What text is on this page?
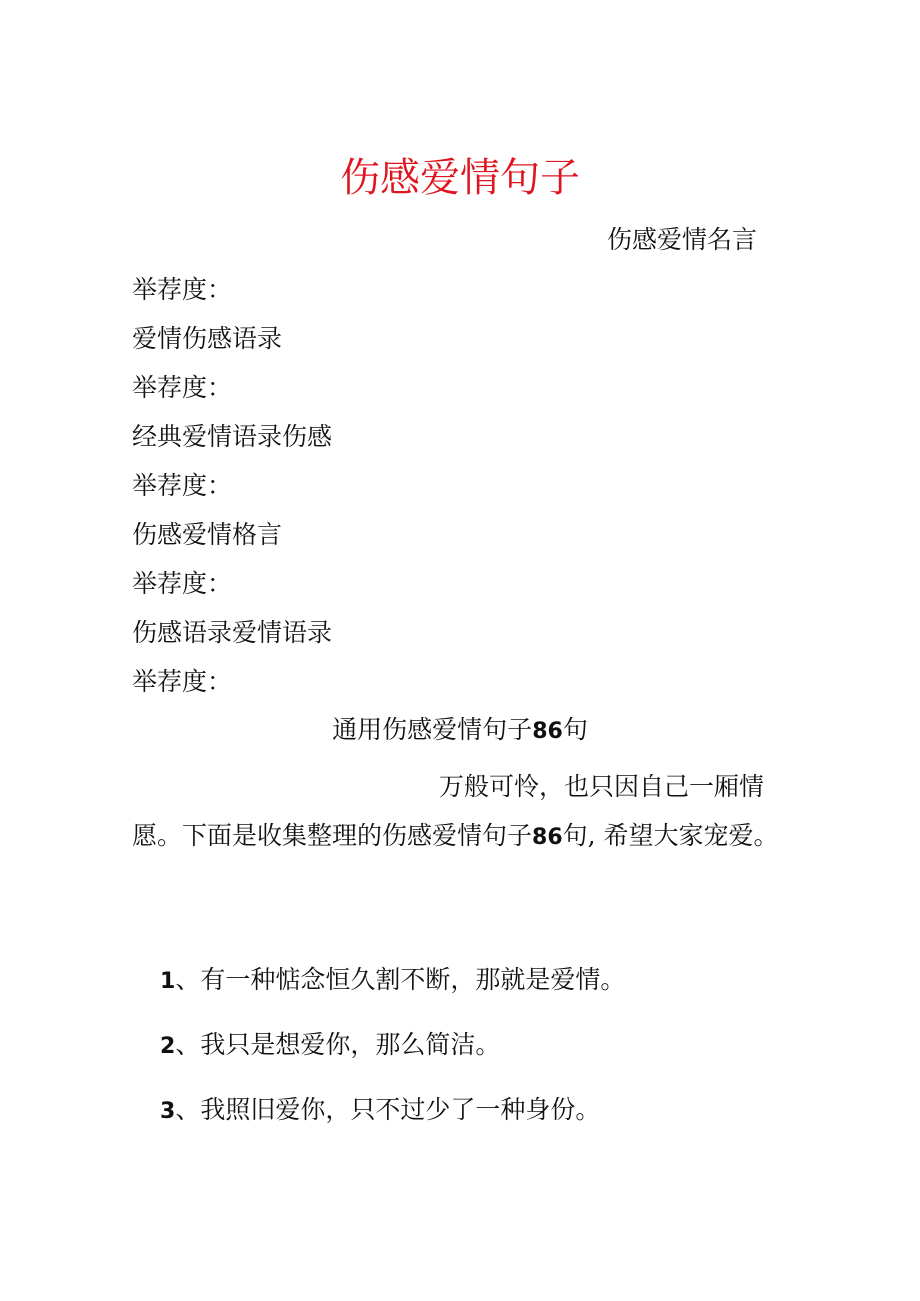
伤感爱情句子
伤感爱情名言
举荐度：
爱情伤感语录
举荐度：
经典爱情语录伤感
举荐度：
伤感爱情格言
举荐度：
伤感语录爱情语录
举荐度：
通用伤感爱情句子86句
万般可怜，也只因自己一厢情愿。下面是收集整理的伤感爱情句子86句, 希望大家宠爱。
1、有一种惦念恒久割不断，那就是爱情。
2、我只是想爱你，那么简洁。
3、我照旧爱你，只不过少了一种身份。
